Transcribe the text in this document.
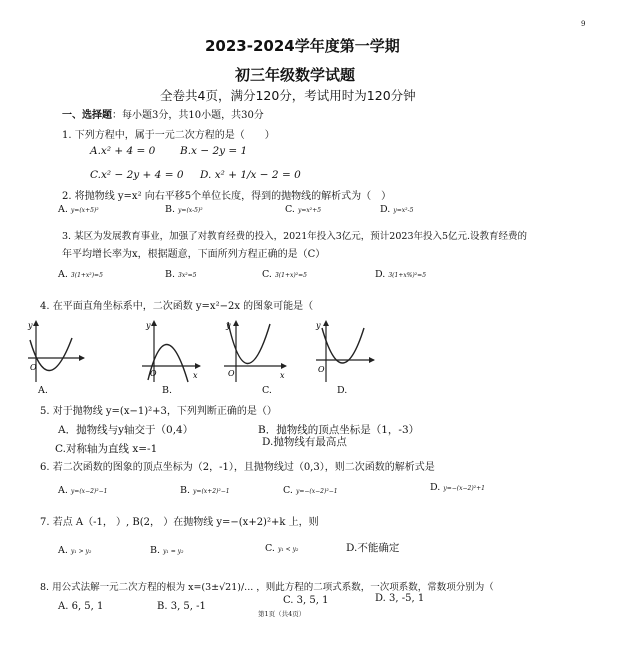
9
2023-2024学年度第一学期
初三年级数学试题
全卷共4页，满分120分，考试用时为120分钟
一、选择题：每小题3分，共10小题，共30分
1. 下列方程中，属于一元二次方程的是（　　）
A.x² + 4 = 0 B.x − 2y = 1
C.x² − 2y + 4 = 0 D. x² + 1/x − 2 = 0
2. 将抛物线 y=x² 向右平移5个单位长度，得到的抛物线的解析式为（　）
A. y=(x+5)²	B. y=(x-5)²	C. y=x²+5	D. y=x²-5
3. 某区为发展教育事业，加强了对教育经费的投入，2021年投入3亿元，预计2023年投入5亿元.设教育经费的
年平均增长率为x，根据题意，下面所列方程正确的是（C）
A. 3(1+x²)=5	B. 3x²=5	C. 3(1+x)²=5	D. 3(1+x%)²=5
4. 在平面直角坐标系中，二次函数 y=x²−2x 的图象可能是（
y
O
y
O	x
y
O	x
y
O
A.	B.	C.	D.
5. 对于抛物线 y=(x−1)²+3，下列判断正确的是（）
A．抛物线与y轴交于（0,4）	B．抛物线的顶点坐标是（1，-3）
C.对称轴为直线 x=-1
D.抛物线有最高点
6. 若二次函数的图象的顶点坐标为（2，-1），且抛物线过（0,3），则二次函数的解析式是
A. y=(x−2)²−1	B. y=(x+2)²−1	C. y=−(x−2)²−1	D. y=−(x−2)²+1
7. 若点 A（-1， ）, B(2， ）在抛物线 y=−(x+2)²+k 上，则
A. y₁ > y₂	B. y₁ = y₂	C. y₁ < y₂	D.不能确定
8. 用公式法解一元二次方程的根为 x=(3±√21)/... ，则此方程的二项式系数，一次项系数，常数项分别为（
A. 6, 5, 1	B. 3, 5, -1
C. 3, 5, 1	D. 3, -5, 1
第1页（共4页）
